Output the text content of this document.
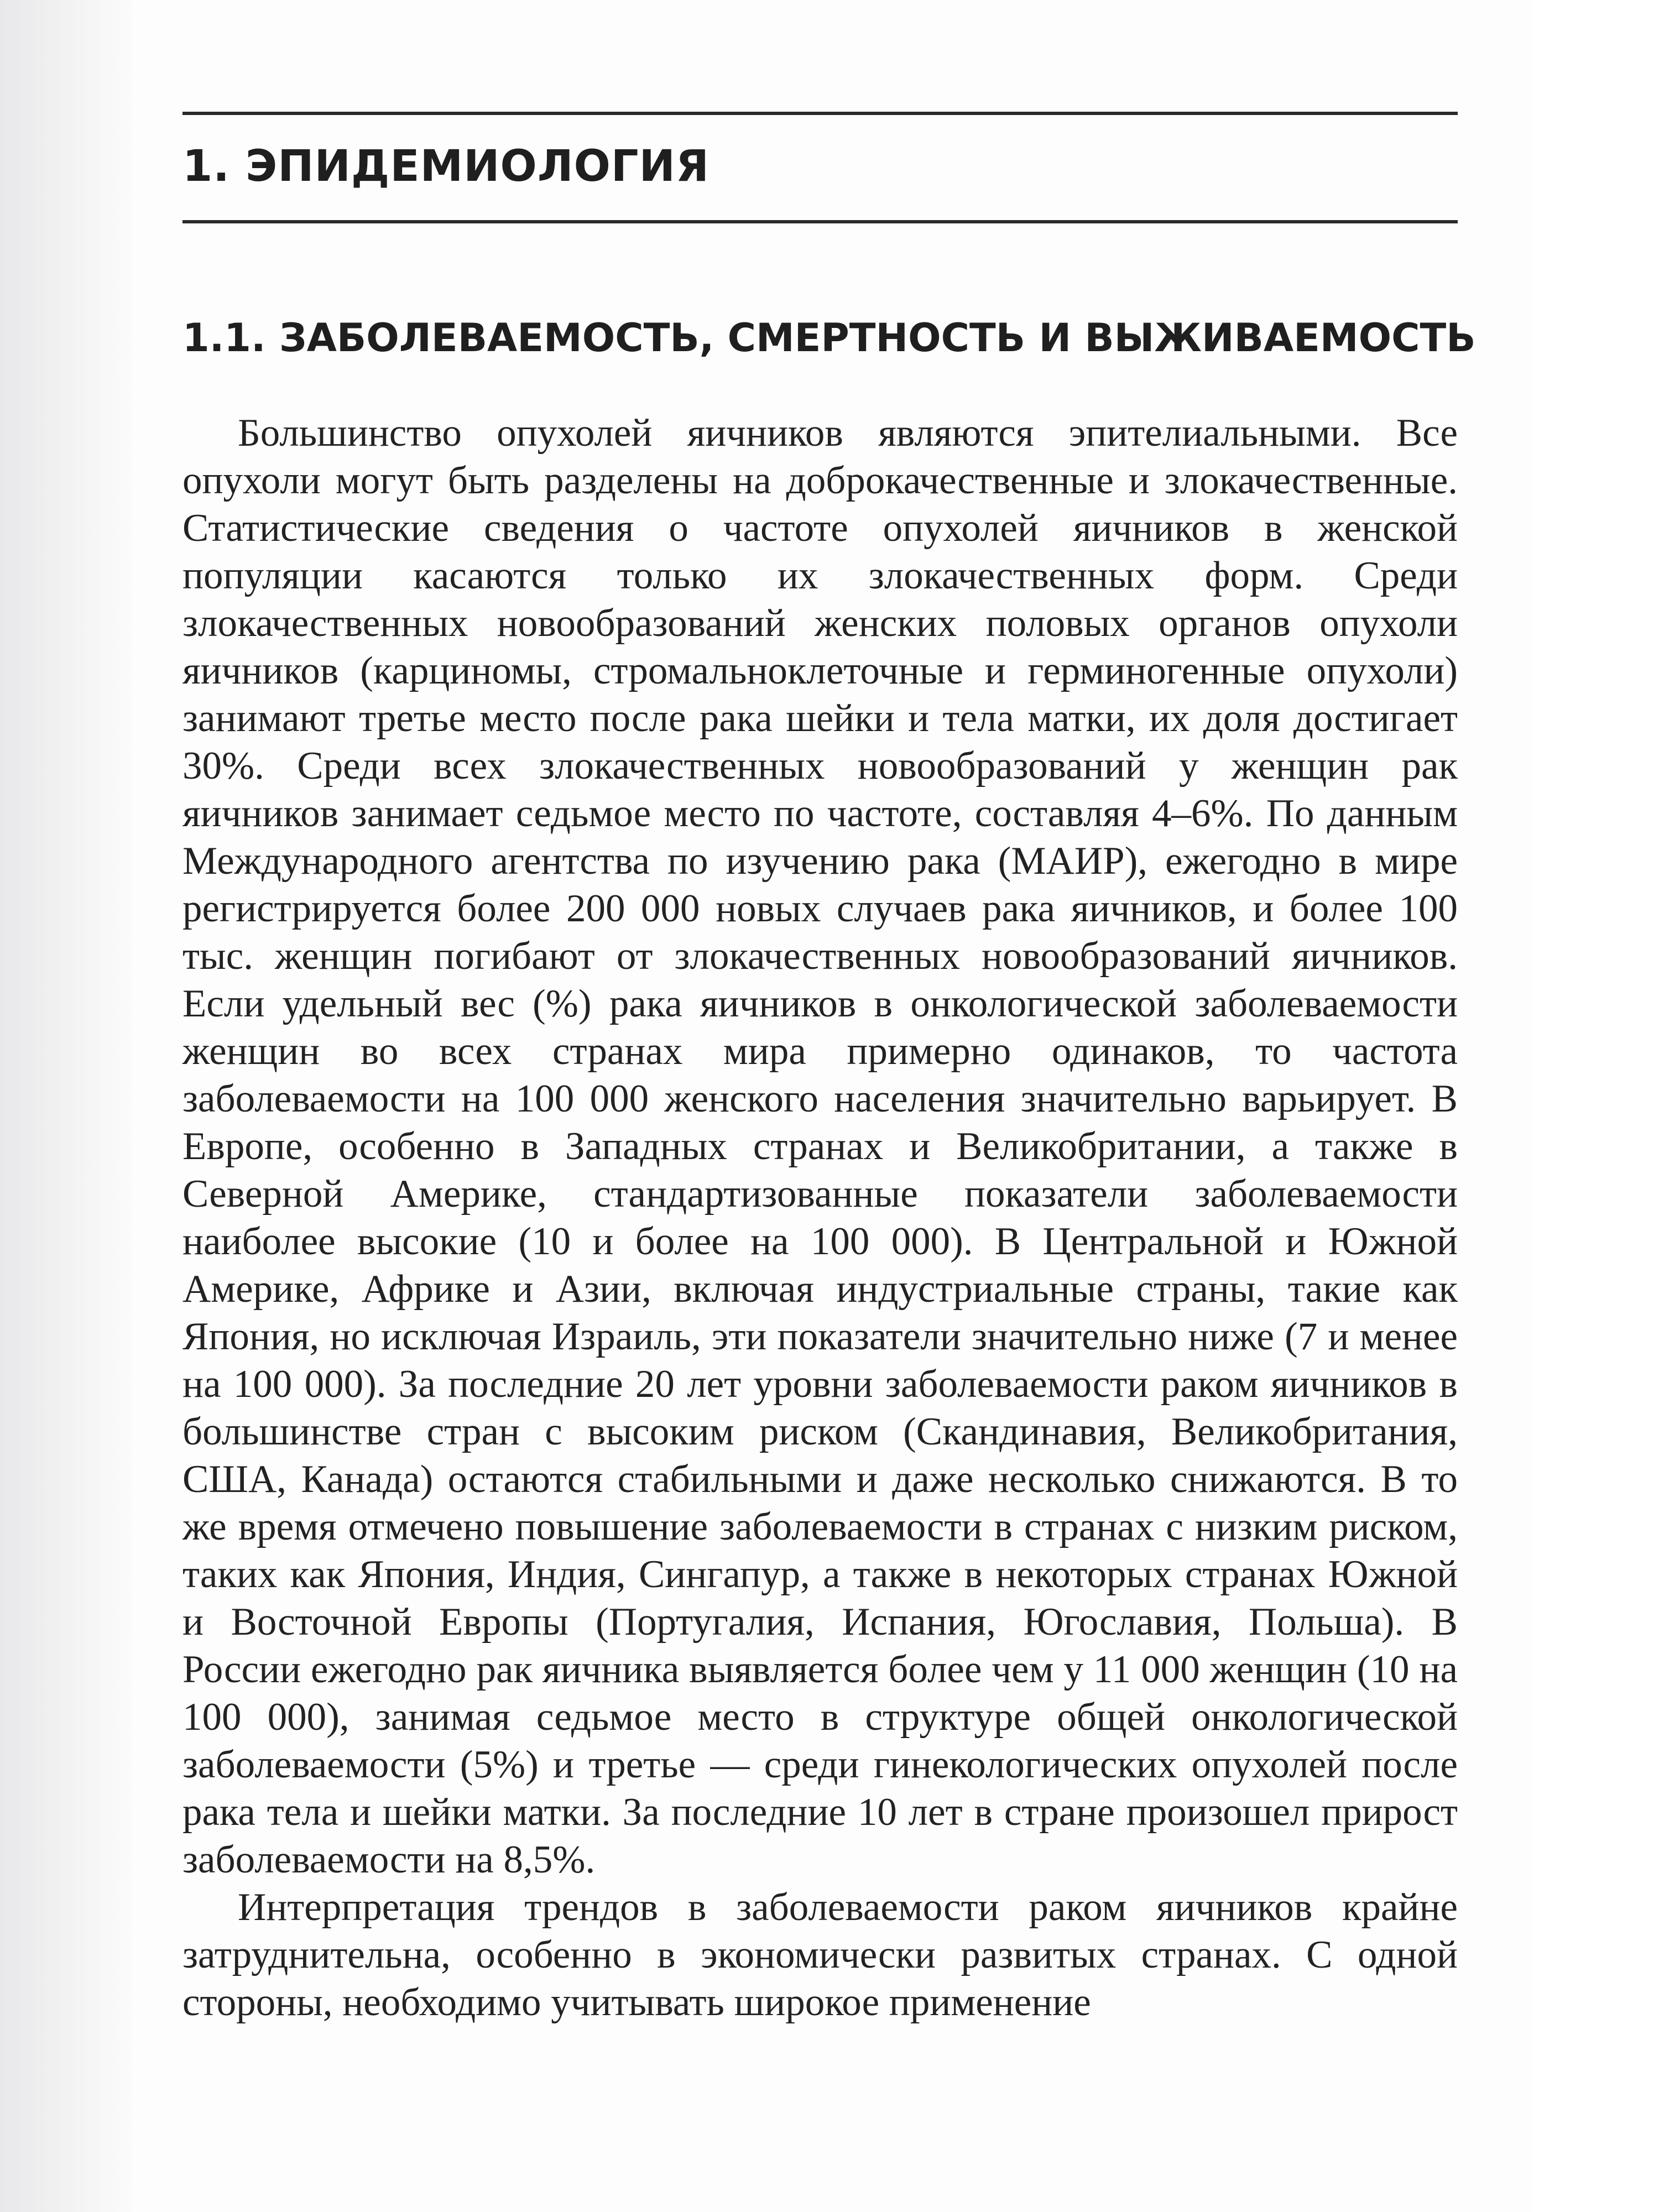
1. ЭПИДЕМИОЛОГИЯ
1.1. ЗАБОЛЕВАЕМОСТЬ, СМЕРТНОСТЬ И ВЫЖИВАЕМОСТЬ

Большинство опухолей яичников являются эпителиальными. Все опухоли могут быть разделены на доброкачественные и злокачественные. Статистические сведения о частоте опухолей яичников в женской популяции касаются только их злокачественных форм. Среди злокачественных новообразований женских половых органов опухоли яичников (карциномы, стромальноклеточные и герминогенные опухоли) занимают третье место после рака шейки и тела матки, их доля достигает 30%. Среди всех злокачественных новообразований у женщин рак яичников занимает седьмое место по частоте, составляя 4–6%. По данным Международного агентства по изучению рака (МАИР), ежегодно в мире регистрируется более 200 000 новых случаев рака яичников, и более 100 тыс. женщин погибают от злокачественных новообразований яичников. Если удельный вес (%) рака яичников в онкологической заболеваемости женщин во всех странах мира примерно одинаков, то частота заболеваемости на 100 000 женского населения значительно варьирует. В Европе, особенно в Западных странах и Великобритании, а также в Северной Америке, стандартизованные показатели заболеваемости наиболее высокие (10 и более на 100 000). В Центральной и Южной Америке, Африке и Азии, включая индустриальные страны, такие как Япония, но исключая Израиль, эти показатели значительно ниже (7 и менее на 100 000). За последние 20 лет уровни заболеваемости раком яичников в большинстве стран с высоким риском (Скандинавия, Великобритания, США, Канада) остаются стабильными и даже несколько снижаются. В то же время отмечено повышение заболеваемости в странах с низким риском, таких как Япония, Индия, Сингапур, а также в некоторых странах Южной и Восточной Европы (Португалия, Испания, Югославия, Польша). В России ежегодно рак яичника выявляется более чем у 11 000 женщин (10 на 100 000), занимая седьмое место в структуре общей онкологической заболеваемости (5%) и третье — среди гинекологических опухолей после рака тела и шейки матки. За последние 10 лет в стране произошел прирост заболеваемости на 8,5%.

Интерпретация трендов в заболеваемости раком яичников крайне затруднительна, особенно в экономически развитых странах. С одной стороны, необходимо учитывать широкое применение
